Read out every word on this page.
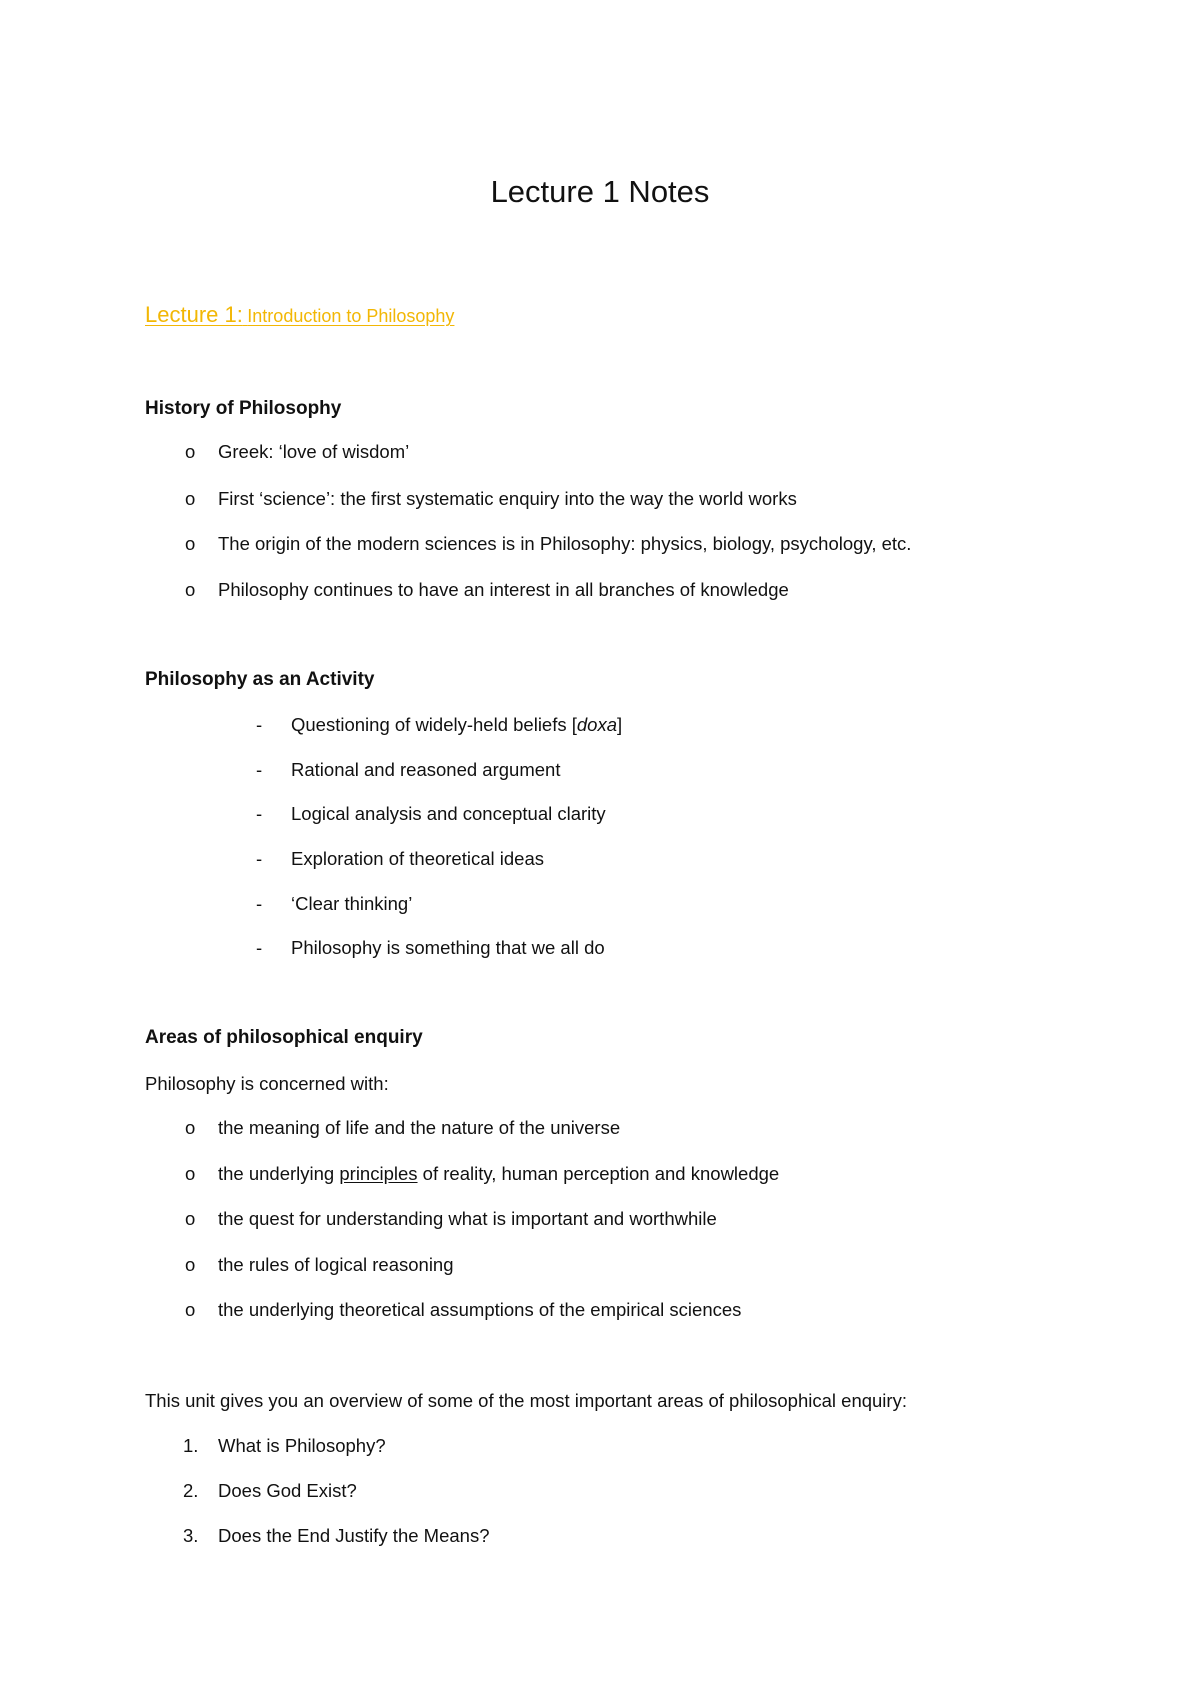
Lecture 1 Notes
Lecture 1: Introduction to Philosophy
History of Philosophy
o Greek: ‘love of wisdom’
o First ‘science’: the first systematic enquiry into the way the world works
o The origin of the modern sciences is in Philosophy: physics, biology, psychology, etc.
o Philosophy continues to have an interest in all branches of knowledge
Philosophy as an Activity
- Questioning of widely-held beliefs [doxa]
- Rational and reasoned argument
- Logical analysis and conceptual clarity
- Exploration of theoretical ideas
- ‘Clear thinking’
- Philosophy is something that we all do
Areas of philosophical enquiry
Philosophy is concerned with:
o the meaning of life and the nature of the universe
o the underlying principles of reality, human perception and knowledge
o the quest for understanding what is important and worthwhile
o the rules of logical reasoning
o the underlying theoretical assumptions of the empirical sciences
This unit gives you an overview of some of the most important areas of philosophical enquiry:
1. What is Philosophy?
2. Does God Exist?
3. Does the End Justify the Means?
